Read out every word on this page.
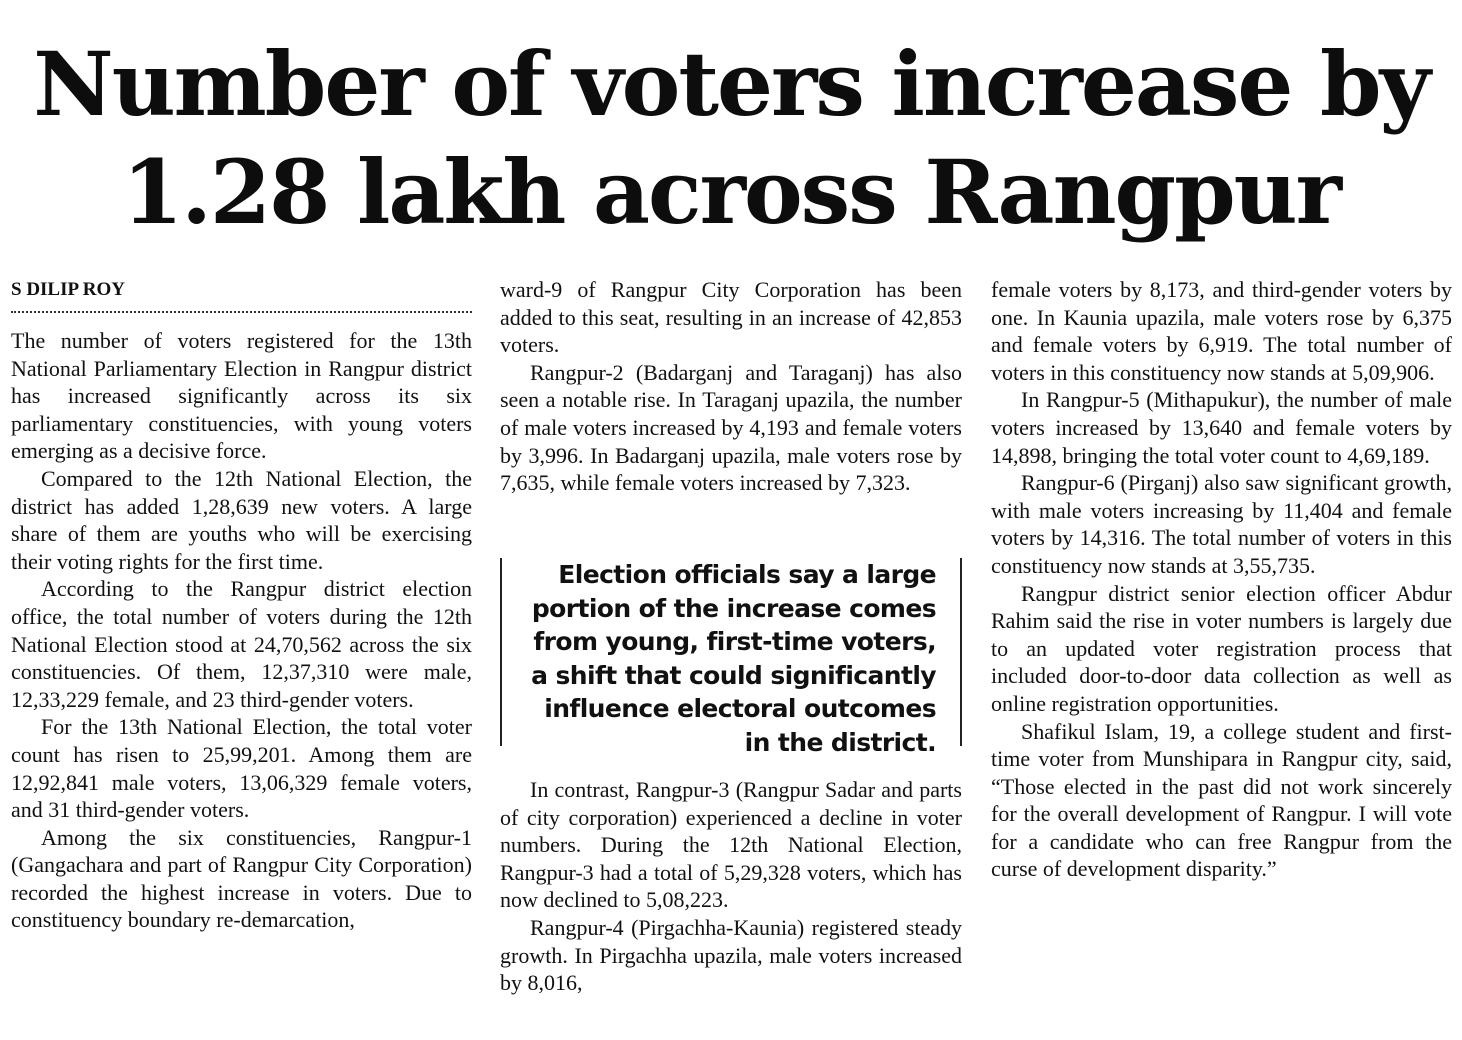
Number of voters increase by
1.28 lakh across Rangpur
S DILIP ROY

The number of voters registered for the 13th National Parliamentary Election in Rangpur district has increased significantly across its six parliamentary constituencies, with young voters emerging as a decisive force.

Compared to the 12th National Election, the district has added 1,28,639 new voters. A large share of them are youths who will be exercising their voting rights for the first time.

According to the Rangpur district election office, the total number of voters during the 12th National Election stood at 24,70,562 across the six constituencies. Of them, 12,37,310 were male, 12,33,229 female, and 23 third-gender voters.

For the 13th National Election, the total voter count has risen to 25,99,201. Among them are 12,92,841 male voters, 13,06,329 female voters, and 31 third-gender voters.

Among the six constituencies, Rangpur-1 (Gangachara and part of Rangpur City Corporation) recorded the highest increase in voters. Due to constituency boundary re-demarcation,

ward-9 of Rangpur City Corporation has been added to this seat, resulting in an increase of 42,853 voters.

Rangpur-2 (Badarganj and Taraganj) has also seen a notable rise. In Taraganj upazila, the number of male voters increased by 4,193 and female voters by 3,996. In Badarganj upazila, male voters rose by 7,635, while female voters increased by 7,323.

Election officials say a large portion of the increase comes from young, first-time voters, a shift that could significantly influence electoral outcomes in the district.

In contrast, Rangpur-3 (Rangpur Sadar and parts of city corporation) experienced a decline in voter numbers. During the 12th National Election, Rangpur-3 had a total of 5,29,328 voters, which has now declined to 5,08,223.

Rangpur-4 (Pirgachha-Kaunia) registered steady growth. In Pirgachha upazila, male voters increased by 8,016,

female voters by 8,173, and third-gender voters by one. In Kaunia upazila, male voters rose by 6,375 and female voters by 6,919. The total number of voters in this constituency now stands at 5,09,906.

In Rangpur-5 (Mithapukur), the number of male voters increased by 13,640 and female voters by 14,898, bringing the total voter count to 4,69,189.

Rangpur-6 (Pirganj) also saw significant growth, with male voters increasing by 11,404 and female voters by 14,316. The total number of voters in this constituency now stands at 3,55,735.

Rangpur district senior election officer Abdur Rahim said the rise in voter numbers is largely due to an updated voter registration process that included door-to-door data collection as well as online registration opportunities.

Shafikul Islam, 19, a college student and first-time voter from Munshipara in Rangpur city, said, “Those elected in the past did not work sincerely for the overall development of Rangpur. I will vote for a candidate who can free Rangpur from the curse of development disparity.”
